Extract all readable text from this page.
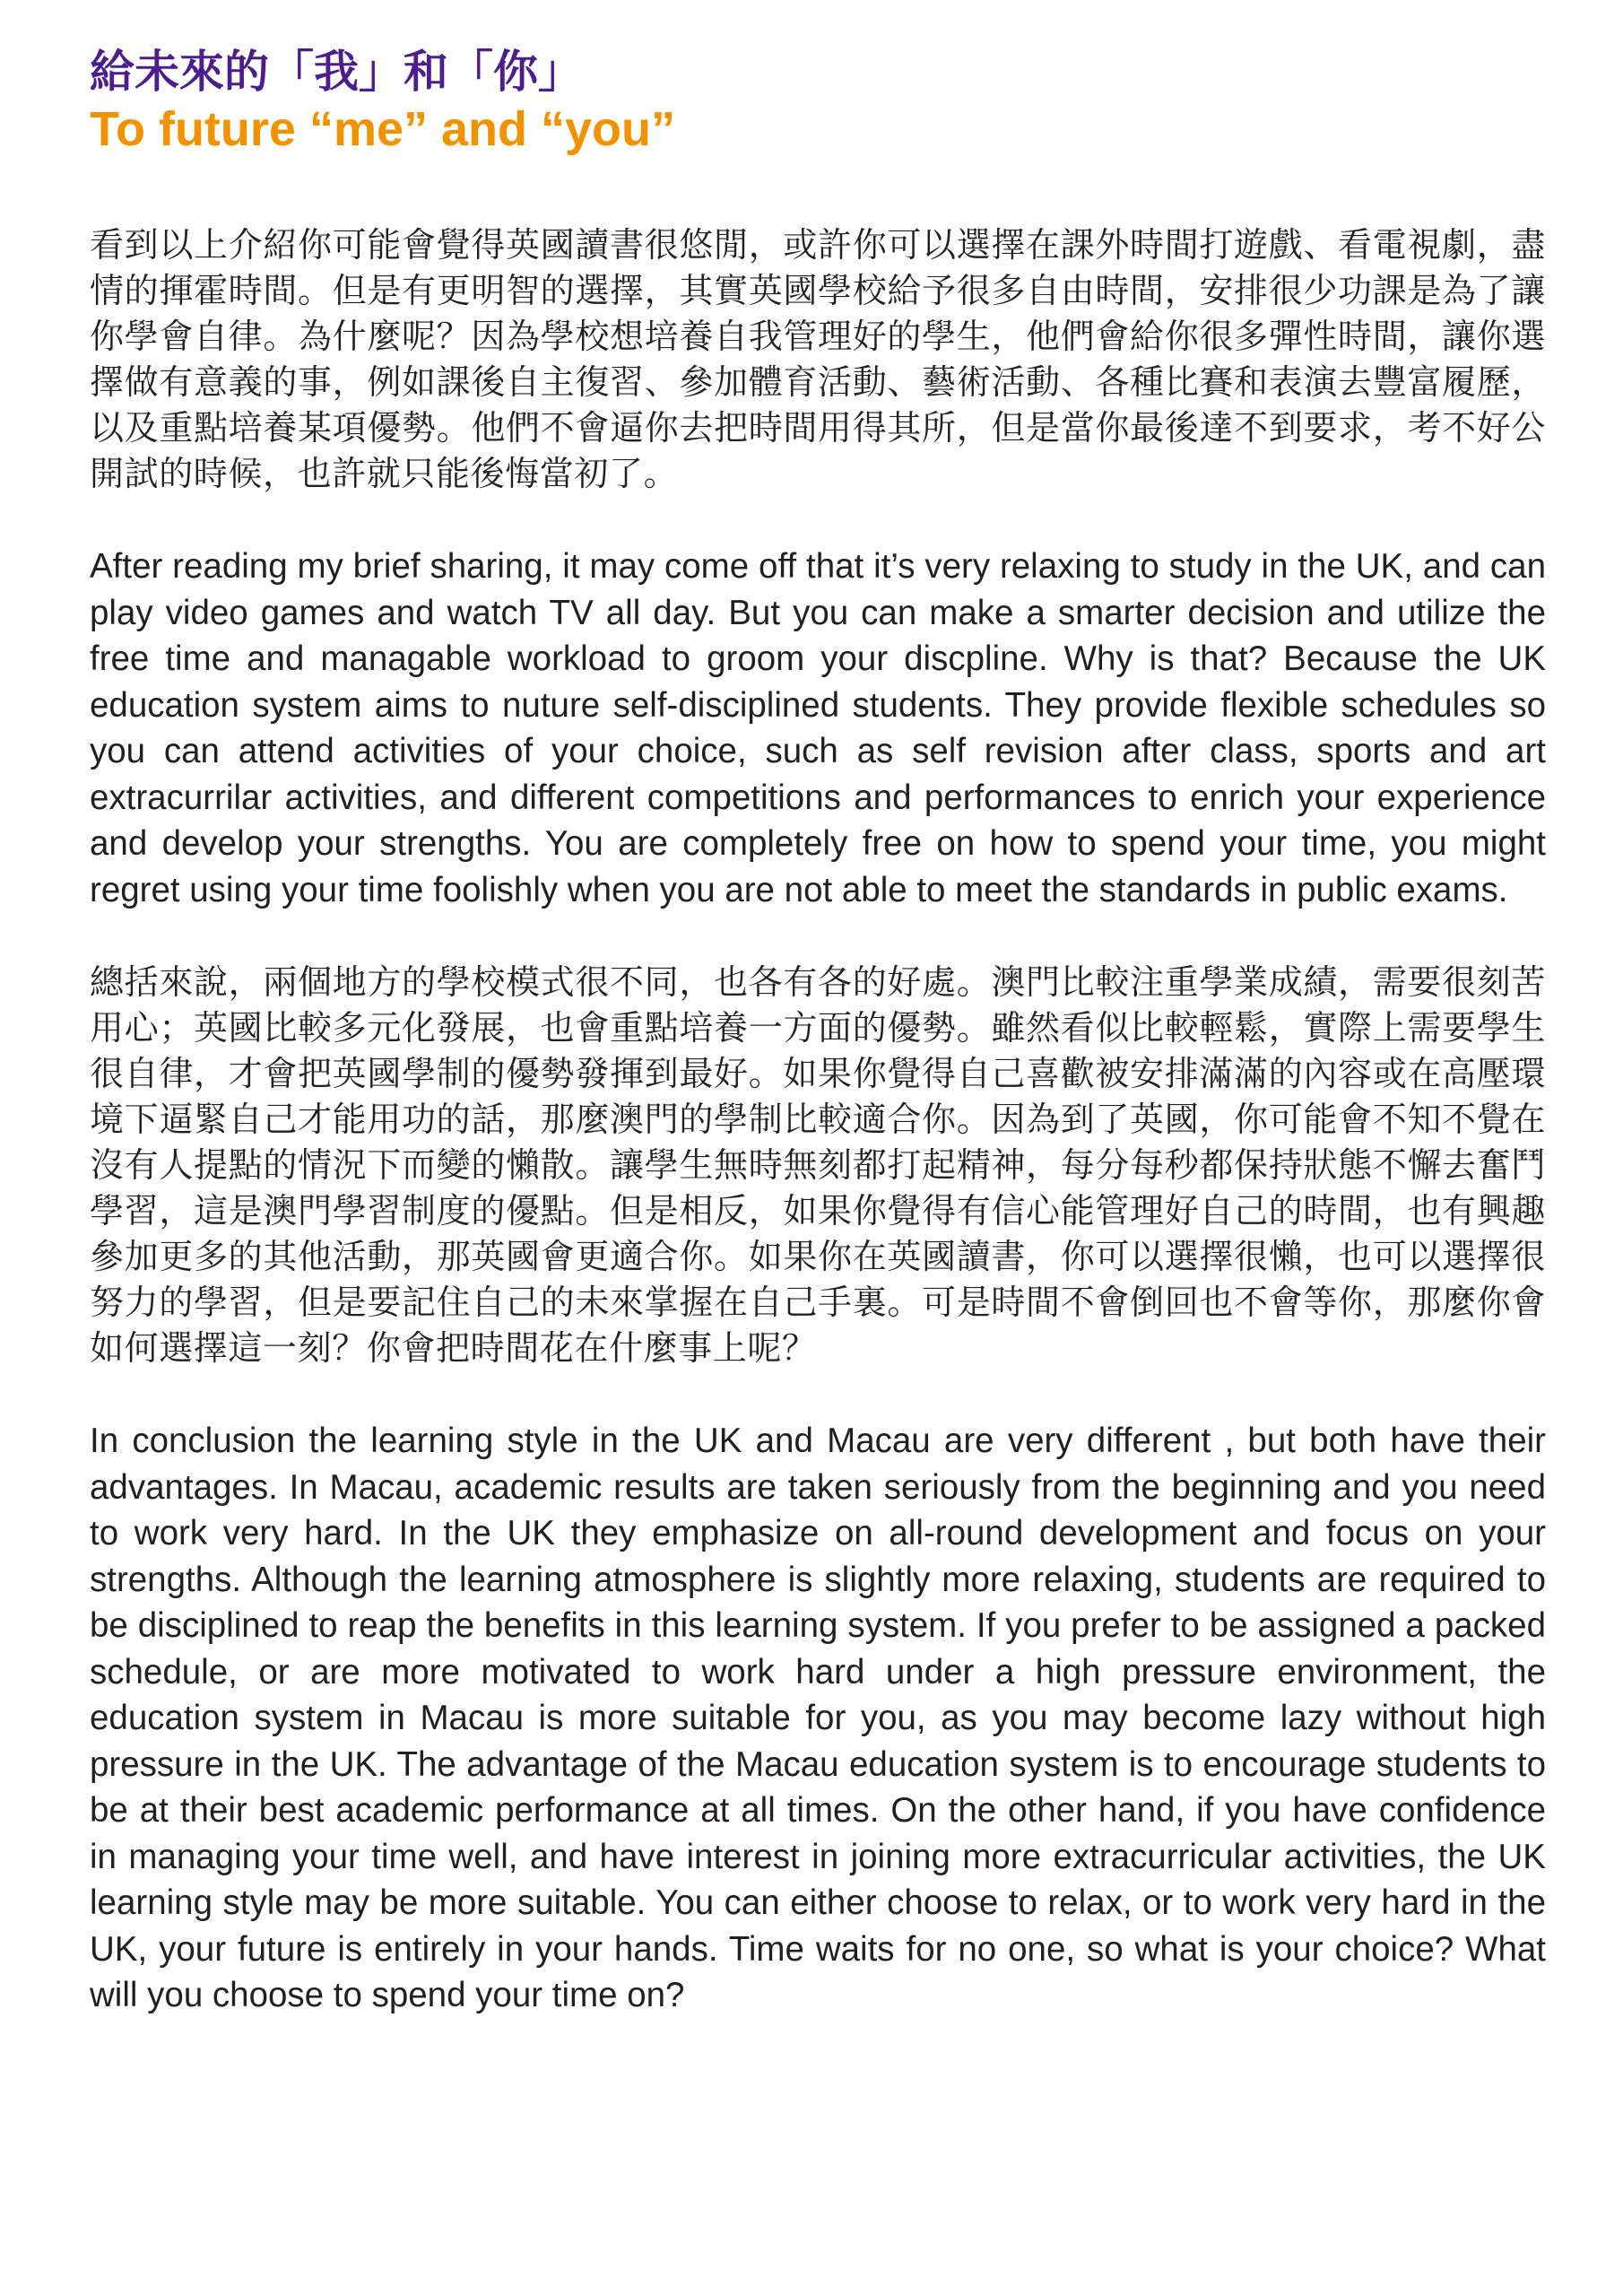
給未來的「我」和「你」
To future “me” and “you”

看到以上介紹你可能會覺得英國讀書很悠閒，或許你可以選擇在課外時間打遊戲、看電視劇，盡情的揮霍時間。但是有更明智的選擇，其實英國學校給予很多自由時間，安排很少功課是為了讓你學會自律。為什麼呢？因為學校想培養自我管理好的學生，他們會給你很多彈性時間，讓你選擇做有意義的事，例如課後自主復習、參加體育活動、藝術活動、各種比賽和表演去豐富履歷，以及重點培養某項優勢。他們不會逼你去把時間用得其所，但是當你最後達不到要求，考不好公開試的時候，也許就只能後悔當初了。

After reading my brief sharing, it may come off that it’s very relaxing to study in the UK, and can play video games and watch TV all day. But you can make a smarter decision and utilize the free time and managable workload to groom your discpline. Why is that? Because the UK education system aims to nuture self-disciplined students. They provide flexible schedules so you can attend activities of your choice, such as self revision after class, sports and art extracurrilar activities, and different competitions and performances to enrich your experience and develop your strengths. You are completely free on how to spend your time, you might regret using your time foolishly when you are not able to meet the standards in public exams.

總括來說，兩個地方的學校模式很不同，也各有各的好處。澳門比較注重學業成績，需要很刻苦用心；英國比較多元化發展，也會重點培養一方面的優勢。雖然看似比較輕鬆，實際上需要學生很自律，才會把英國學制的優勢發揮到最好。如果你覺得自己喜歡被安排滿滿的內容或在高壓環境下逼緊自己才能用功的話，那麼澳門的學制比較適合你。因為到了英國，你可能會不知不覺在沒有人提點的情況下而變的懶散。讓學生無時無刻都打起精神，每分每秒都保持狀態不懈去奮鬥學習，這是澳門學習制度的優點。但是相反，如果你覺得有信心能管理好自己的時間，也有興趣參加更多的其他活動，那英國會更適合你。如果你在英國讀書，你可以選擇很懶，也可以選擇很努力的學習，但是要記住自己的未來掌握在自己手裏。可是時間不會倒回也不會等你，那麼你會如何選擇這一刻？你會把時間花在什麼事上呢？

In conclusion the learning style in the UK and Macau are very different , but both have their advantages. In Macau, academic results are taken seriously from the beginning and you need to work very hard. In the UK they emphasize on all-round development and focus on your strengths. Although the learning atmosphere is slightly more relaxing, students are required to be disciplined to reap the benefits in this learning system. If you prefer to be assigned a packed schedule, or are more motivated to work hard under a high pressure environment, the education system in Macau is more suitable for you, as you may become lazy without high pressure in the UK. The advantage of the Macau education system is to encourage students to be at their best academic performance at all times. On the other hand, if you have confidence in managing your time well, and have interest in joining more extracurricular activities, the UK learning style may be more suitable. You can either choose to relax, or to work very hard in the UK, your future is entirely in your hands. Time waits for no one, so what is your choice? What will you choose to spend your time on?
